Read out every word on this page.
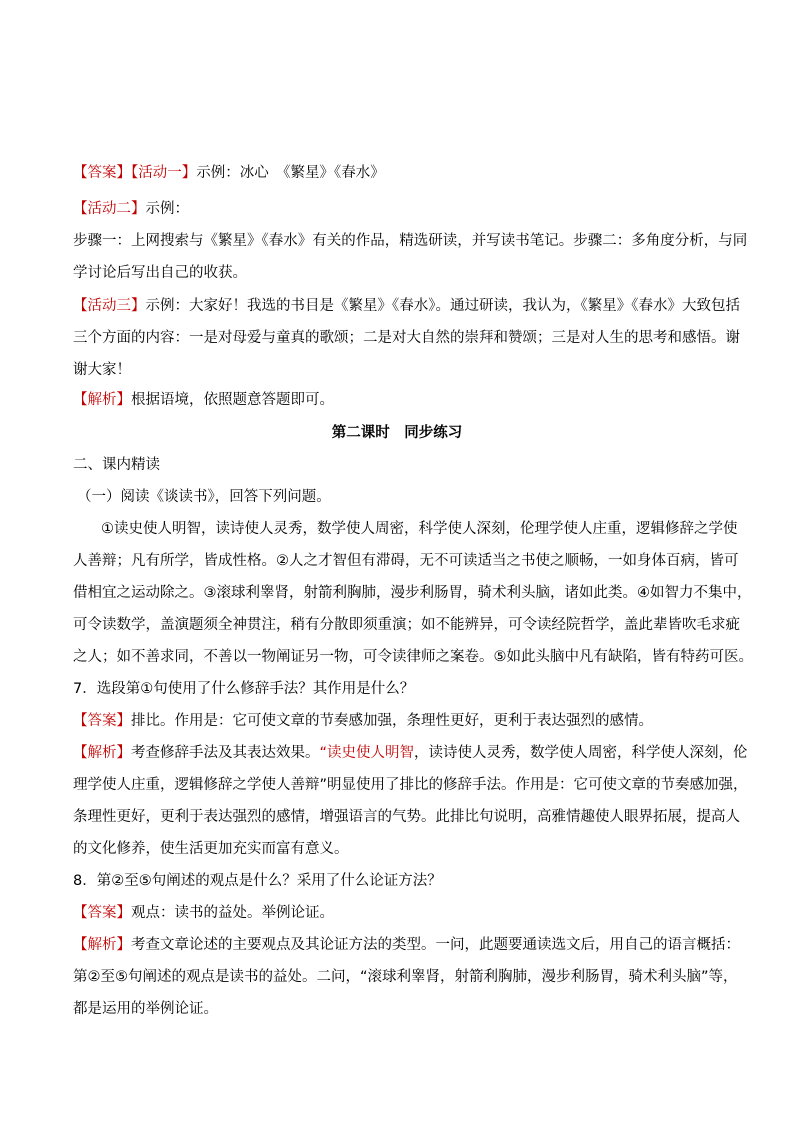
【答案】【活动一】示例：冰心　《繁星》《春水》
【活动二】示例：
步骤一：上网搜索与《繁星》《春水》有关的作品，精选研读，并写读书笔记。步骤二：多角度分析，与同
学讨论后写出自己的收获。
【活动三】示例：大家好！我选的书目是《繁星》《春水》。通过研读，我认为，《繁星》《春水》大致包括
三个方面的内容：一是对母爱与童真的歌颂；二是对大自然的崇拜和赞颂；三是对人生的思考和感悟。谢
谢大家！
【解析】根据语境，依照题意答题即可。
第二课时　同步练习
二、课内精读
（一）阅读《谈读书》，回答下列问题。
①读史使人明智，读诗使人灵秀，数学使人周密，科学使人深刻，伦理学使人庄重，逻辑修辞之学使
人善辩；凡有所学，皆成性格。②人之才智但有滞碍，无不可读适当之书使之顺畅，一如身体百病，皆可
借相宜之运动除之。③滚球利睾肾，射箭利胸肺，漫步利肠胃，骑术利头脑，诸如此类。④如智力不集中，
可令读数学，盖演题须全神贯注，稍有分散即须重演；如不能辨异，可令读经院哲学，盖此辈皆吹毛求疵
之人；如不善求同，不善以一物阐证另一物，可令读律师之案卷。⑤如此头脑中凡有缺陷，皆有特药可医。
7．选段第①句使用了什么修辞手法？其作用是什么？
【答案】排比。作用是：它可使文章的节奏感加强，条理性更好，更利于表达强烈的感情。
【解析】考查修辞手法及其表达效果。“读史使人明智，读诗使人灵秀，数学使人周密，科学使人深刻，伦
理学使人庄重，逻辑修辞之学使人善辩”明显使用了排比的修辞手法。作用是：它可使文章的节奏感加强，
条理性更好，更利于表达强烈的感情，增强语言的气势。此排比句说明，高雅情趣使人眼界拓展，提高人
的文化修养，使生活更加充实而富有意义。
8．第②至⑤句阐述的观点是什么？采用了什么论证方法？
【答案】观点：读书的益处。举例论证。
【解析】考查文章论述的主要观点及其论证方法的类型。一问，此题要通读选文后，用自己的语言概括：
第②至⑤句阐述的观点是读书的益处。二问，“滚球利睾肾，射箭利胸肺，漫步利肠胃，骑术利头脑”等，
都是运用的举例论证。
